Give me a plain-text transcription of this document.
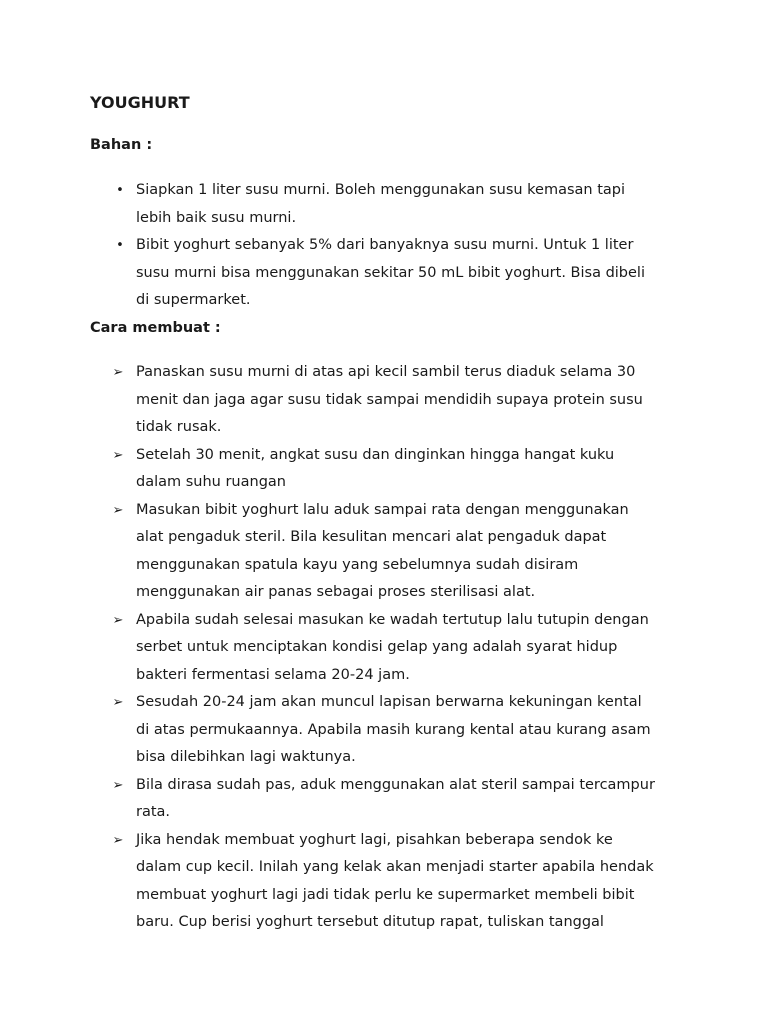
YOUGHURT
Bahan :
• Siapkan 1 liter susu murni. Boleh menggunakan susu kemasan tapi
lebih baik susu murni.
• Bibit yoghurt sebanyak 5% dari banyaknya susu murni. Untuk 1 liter
susu murni bisa menggunakan sekitar 50 mL bibit yoghurt. Bisa dibeli
di supermarket.
Cara membuat :
➢ Panaskan susu murni di atas api kecil sambil terus diaduk selama 30
menit dan jaga agar susu tidak sampai mendidih supaya protein susu
tidak rusak.
➢ Setelah 30 menit, angkat susu dan dinginkan hingga hangat kuku
dalam suhu ruangan
➢ Masukan bibit yoghurt lalu aduk sampai rata dengan menggunakan
alat pengaduk steril. Bila kesulitan mencari alat pengaduk dapat
menggunakan spatula kayu yang sebelumnya sudah disiram
menggunakan air panas sebagai proses sterilisasi alat.
➢ Apabila sudah selesai masukan ke wadah tertutup lalu tutupin dengan
serbet untuk menciptakan kondisi gelap yang adalah syarat hidup
bakteri fermentasi selama 20-24 jam.
➢ Sesudah 20-24 jam akan muncul lapisan berwarna kekuningan kental
di atas permukaannya. Apabila masih kurang kental atau kurang asam
bisa dilebihkan lagi waktunya.
➢ Bila dirasa sudah pas, aduk menggunakan alat steril sampai tercampur
rata.
➢ Jika hendak membuat yoghurt lagi, pisahkan beberapa sendok ke
dalam cup kecil. Inilah yang kelak akan menjadi starter apabila hendak
membuat yoghurt lagi jadi tidak perlu ke supermarket membeli bibit
baru. Cup berisi yoghurt tersebut ditutup rapat, tuliskan tanggal
